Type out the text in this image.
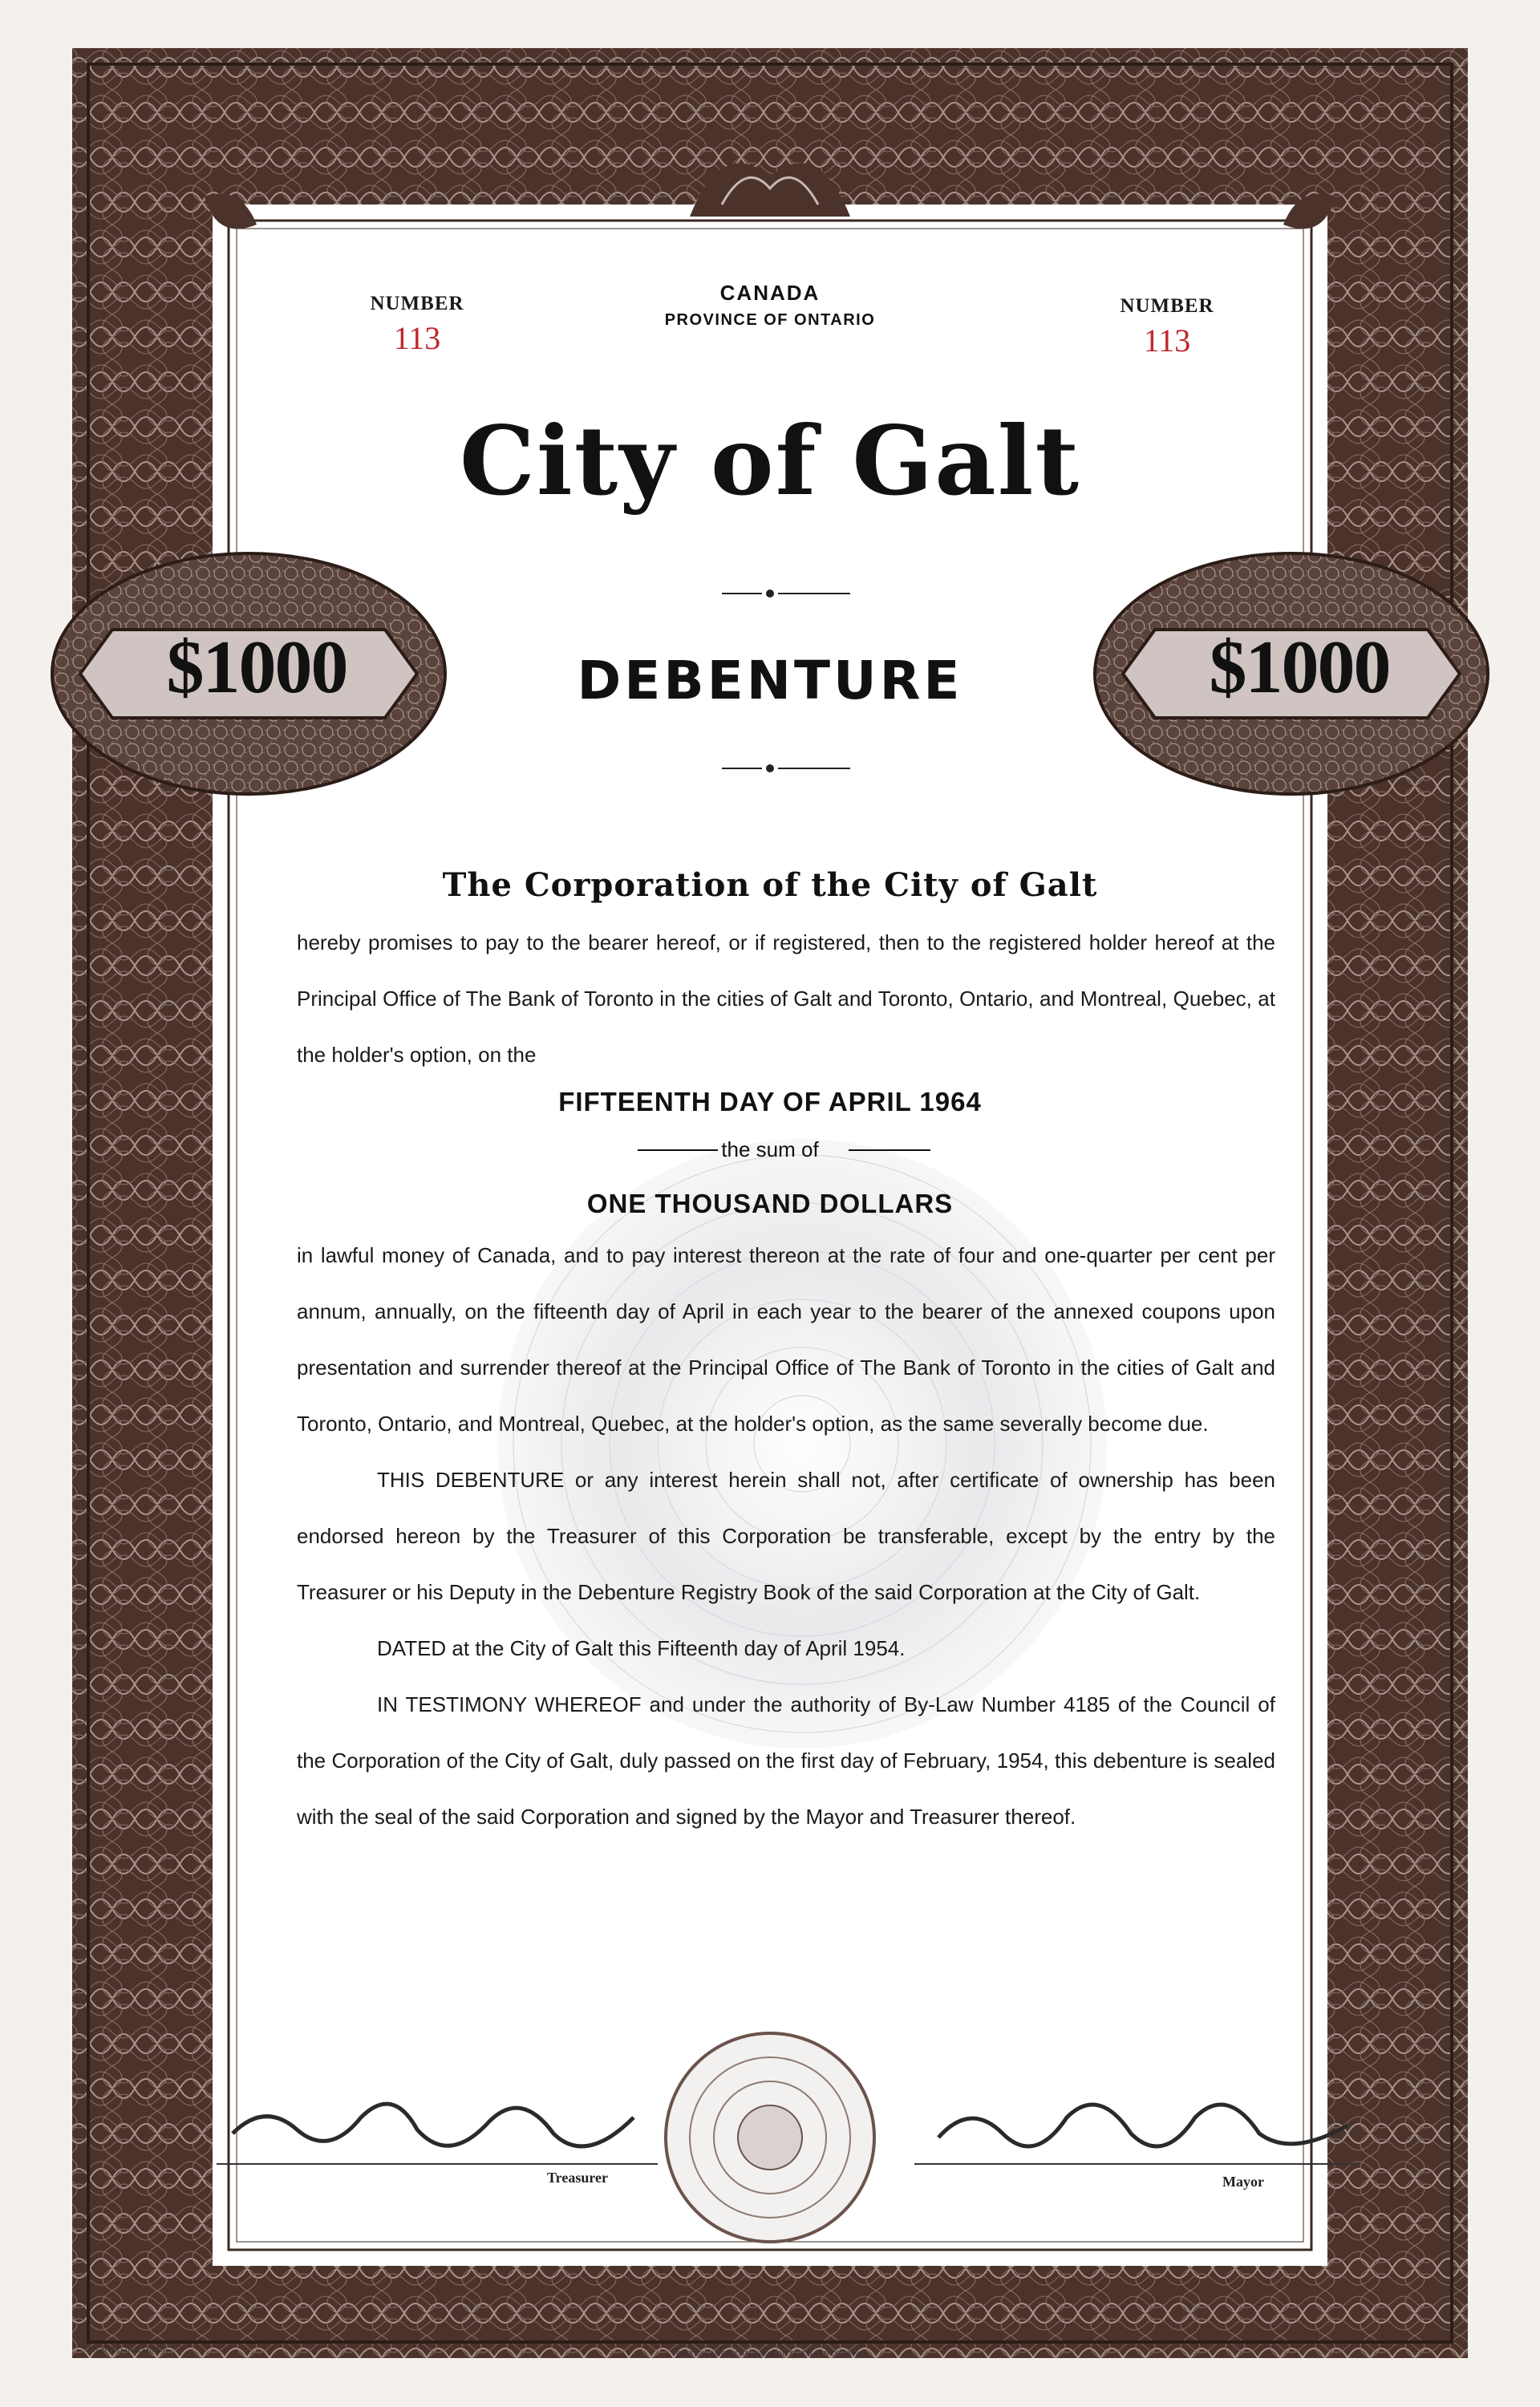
NUMBER
113
NUMBER
113
CANADA
PROVINCE OF ONTARIO
City of Galt
$1000	$1000
DEBENTURE
The Corporation of the City of Galt

hereby promises to pay to the bearer hereof, or if registered, then to the registered holder hereof at the Principal Office of The Bank of Toronto in the cities of Galt and Toronto, Ontario, and Montreal, Quebec, at the holder's option, on the

FIFTEENTH DAY OF APRIL 1964
the sum of
ONE THOUSAND DOLLARS

in lawful money of Canada, and to pay interest thereon at the rate of four and one-quarter per cent per annum, annually, on the fifteenth day of April in each year to the bearer of the annexed coupons upon presentation and surrender thereof at the Principal Office of The Bank of Toronto in the cities of Galt and Toronto, Ontario, and Montreal, Quebec, at the holder's option, as the same severally become due.

THIS DEBENTURE or any interest herein shall not, after certificate of ownership has been endorsed hereon by the Treasurer of this Corporation be transferable, except by the entry by the Treasurer or his Deputy in the Debenture Registry Book of the said Corporation at the City of Galt.

DATED at the City of Galt this Fifteenth day of April 1954.

IN TESTIMONY WHEREOF and under the authority of By-Law Number 4185 of the Council of the Corporation of the City of Galt, duly passed on the first day of February, 1954, this debenture is sealed with the seal of the said Corporation and signed by the Mayor and Treasurer thereof.

Treasurer	Mayor
PRINTED IN CANADA	BRITISH AMERICAN BANK NOTE CO LTD OTTAWA
